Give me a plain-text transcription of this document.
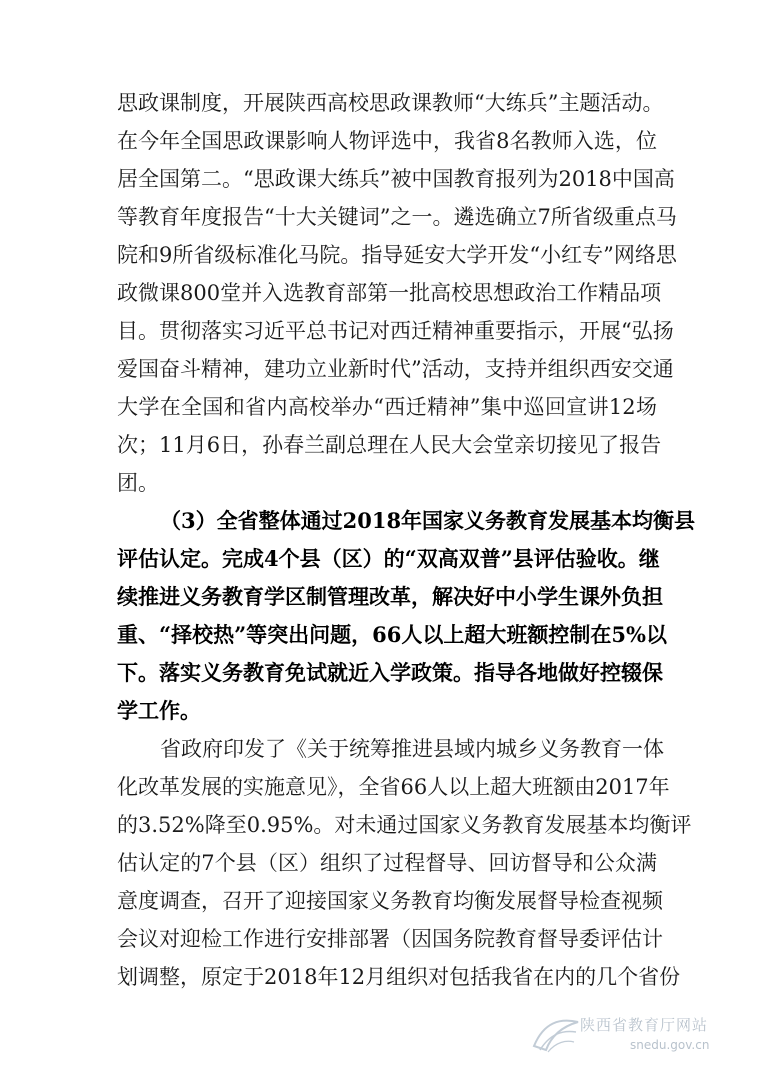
思政课制度，开展陕西高校思政课教师“大练兵”主题活动。
在今年全国思政课影响人物评选中，我省8名教师入选，位
居全国第二。“思政课大练兵”被中国教育报列为2018中国高
等教育年度报告“十大关键词”之一。遴选确立7所省级重点马
院和9所省级标准化马院。指导延安大学开发“小红专”网络思
政微课800堂并入选教育部第一批高校思想政治工作精品项
目。贯彻落实习近平总书记对西迁精神重要指示，开展“弘扬
爱国奋斗精神，建功立业新时代”活动，支持并组织西安交通
大学在全国和省内高校举办“西迁精神”集中巡回宣讲12场
次；11月6日，孙春兰副总理在人民大会堂亲切接见了报告
团。
（3）全省整体通过2018年国家义务教育发展基本均衡县
评估认定。完成4个县（区）的“双高双普”县评估验收。继
续推进义务教育学区制管理改革，解决好中小学生课外负担
重、“择校热”等突出问题，66人以上超大班额控制在5%以
下。落实义务教育免试就近入学政策。指导各地做好控辍保
学工作。
省政府印发了《关于统筹推进县域内城乡义务教育一体
化改革发展的实施意见》，全省66人以上超大班额由2017年
的3.52%降至0.95%。对未通过国家义务教育发展基本均衡评
估认定的7个县（区）组织了过程督导、回访督导和公众满
意度调查，召开了迎接国家义务教育均衡发展督导检查视频
会议对迎检工作进行安排部署（因国务院教育督导委评估计
划调整，原定于2018年12月组织对包括我省在内的几个省份
陕西省教育厅网站
snedu.gov.cn
